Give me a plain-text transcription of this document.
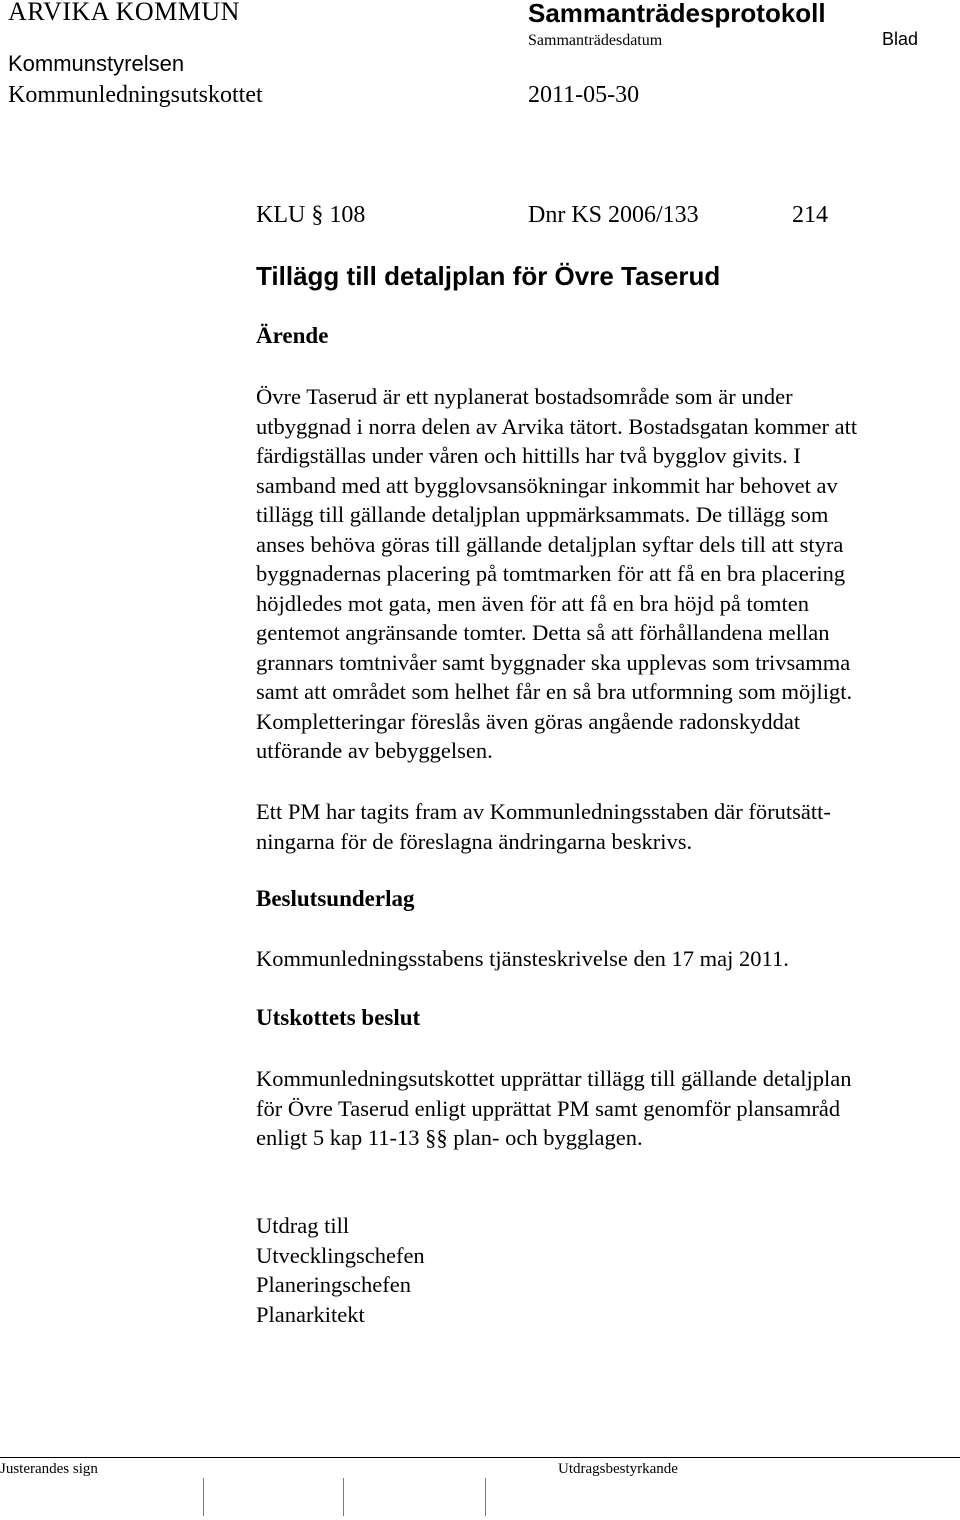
ARVIKA KOMMUN	Sammanträdesprotokoll
Sammanträdesdatum	Blad
Kommunstyrelsen
Kommunledningsutskottet	2011-05-30
KLU § 108	Dnr KS 2006/133	214
Tillägg till detaljplan för Övre Taserud
Ärende
Övre Taserud är ett nyplanerat bostadsområde som är under
utbyggnad i norra delen av Arvika tätort. Bostadsgatan kommer att
färdigställas under våren och hittills har två bygglov givits. I
samband med att bygglovsansökningar inkommit har behovet av
tillägg till gällande detaljplan uppmärksammats. De tillägg som
anses behöva göras till gällande detaljplan syftar dels till att styra
byggnadernas placering på tomtmarken för att få en bra placering
höjdledes mot gata, men även för att få en bra höjd på tomten
gentemot angränsande tomter. Detta så att förhållandena mellan
grannars tomtnivåer samt byggnader ska upplevas som trivsamma
samt att området som helhet får en så bra utformning som möjligt.
Kompletteringar föreslås även göras angående radonskyddat
utförande av bebyggelsen.
Ett PM har tagits fram av Kommunledningsstaben där förutsätt-
ningarna för de föreslagna ändringarna beskrivs.
Beslutsunderlag
Kommunledningsstabens tjänsteskrivelse den 17 maj 2011.
Utskottets beslut
Kommunledningsutskottet upprättar tillägg till gällande detaljplan
för Övre Taserud enligt upprättat PM samt genomför plansamråd
enligt 5 kap 11-13 §§ plan- och bygglagen.
Utdrag till
Utvecklingschefen
Planeringschefen
Planarkitekt
Justerandes sign	Utdragsbestyrkande
